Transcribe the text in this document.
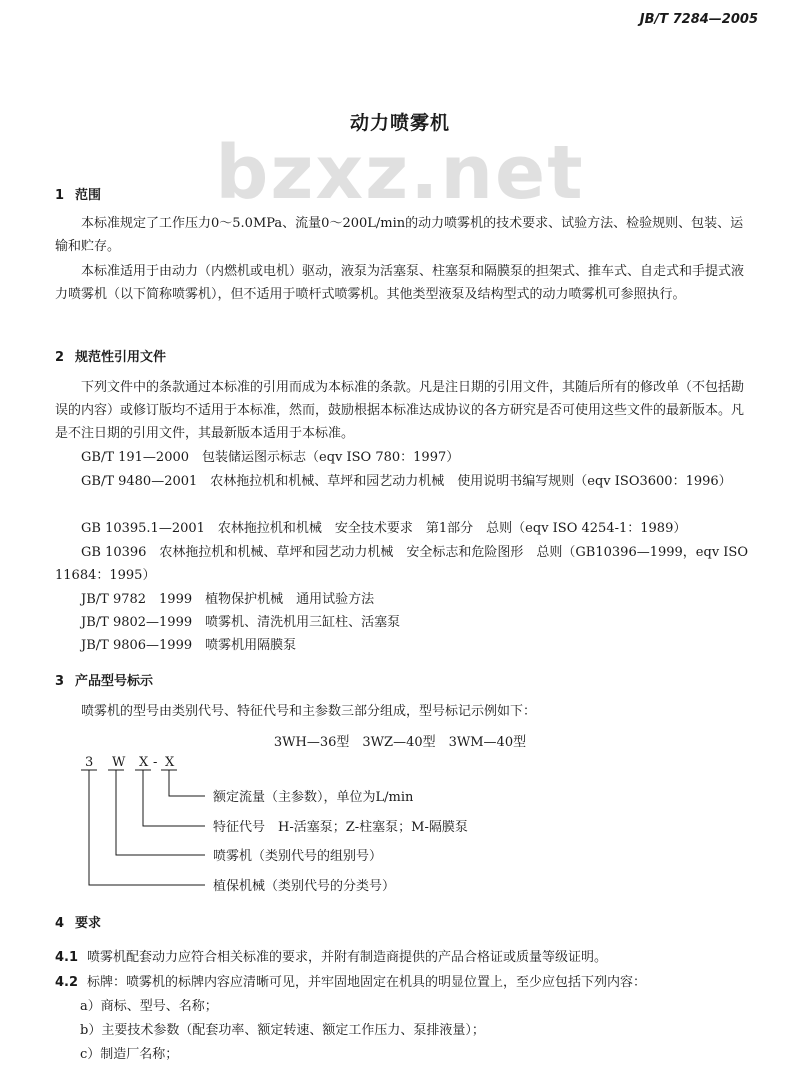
JB/T 7284—2005
bzxz.net
动力喷雾机
1 范围
本标准规定了工作压力0～5.0MPa、流量0～200L/min的动力喷雾机的技术要求、试验方法、检验规则、包装、运输和贮存。
本标准适用于由动力（内燃机或电机）驱动，液泵为活塞泵、柱塞泵和隔膜泵的担架式、推车式、自走式和手提式液力喷雾机（以下简称喷雾机），但不适用于喷杆式喷雾机。其他类型液泵及结构型式的动力喷雾机可参照执行。
2 规范性引用文件
下列文件中的条款通过本标准的引用而成为本标准的条款。凡是注日期的引用文件，其随后所有的修改单（不包括勘误的内容）或修订版均不适用于本标准，然而，鼓励根据本标准达成协议的各方研究是否可使用这些文件的最新版本。凡是不注日期的引用文件，其最新版本适用于本标准。
GB/T 191—2000　包装储运图示标志（eqv ISO 780：1997）
GB/T 9480—2001　农林拖拉机和机械、草坪和园艺动力机械　使用说明书编写规则（eqv ISO3600：1996）
GB 10395.1—2001　农林拖拉机和机械　安全技术要求　第1部分　总则（eqv ISO 4254-1：1989）
GB 10396　农林拖拉机和机械、草坪和园艺动力机械　安全标志和危险图形　总则（GB10396—1999，eqv ISO 11684：1995）
JB/T 9782　1999　植物保护机械　通用试验方法
JB/T 9802—1999　喷雾机、清洗机用三缸柱、活塞泵
JB/T 9806—1999　喷雾机用隔膜泵
3 产品型号标示
喷雾机的型号由类别代号、特征代号和主参数三部分组成，型号标记示例如下：
3WH—36型　3WZ—40型　3WM—40型
3 W X - X
额定流量（主参数），单位为L/min
特征代号　H-活塞泵；Z-柱塞泵；M-隔膜泵
喷雾机（类别代号的组别号）
植保机械（类别代号的分类号）
4 要求
4.1 喷雾机配套动力应符合相关标准的要求，并附有制造商提供的产品合格证或质量等级证明。
4.2 标牌：喷雾机的标牌内容应清晰可见，并牢固地固定在机具的明显位置上，至少应包括下列内容：
a）商标、型号、名称；
b）主要技术参数（配套功率、额定转速、额定工作压力、泵排液量）；
c）制造厂名称；
